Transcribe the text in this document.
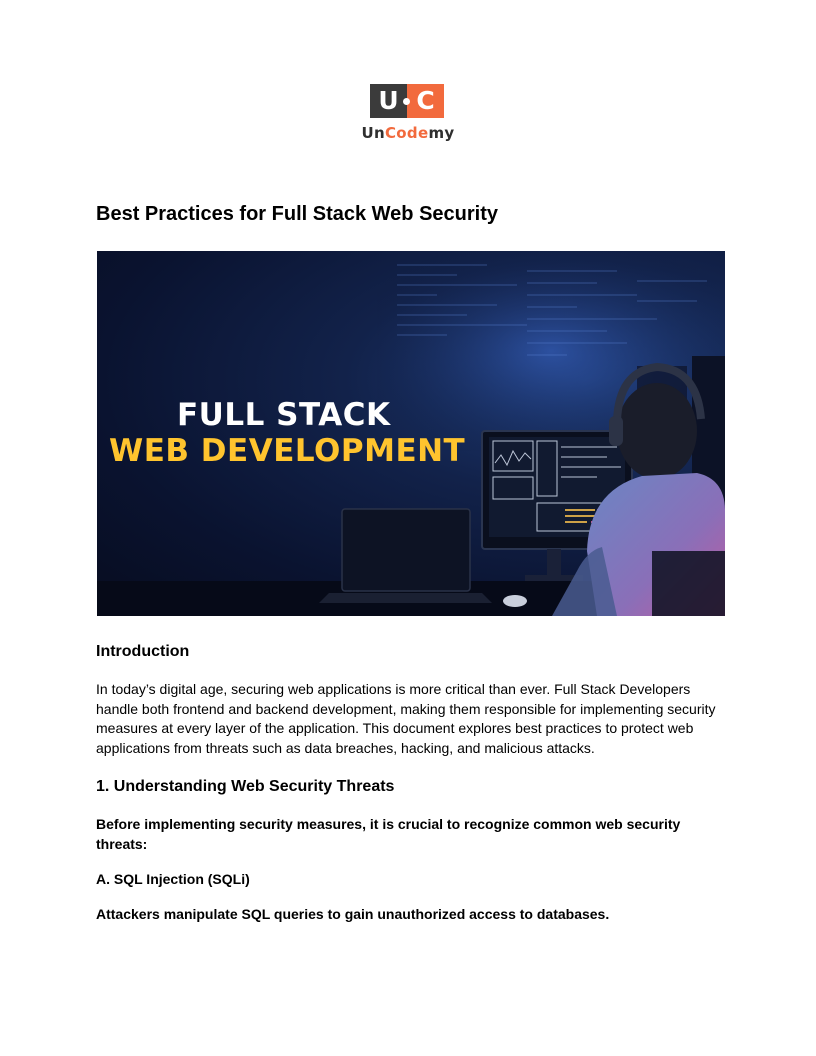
U C
UnCodemy
Best Practices for Full Stack Web Security
FULL STACK
WEB DEVELOPMENT
Introduction

In today’s digital age, securing web applications is more critical than ever. Full Stack Developers handle both frontend and backend development, making them responsible for implementing security measures at every layer of the application. This document explores best practices to protect web applications from threats such as data breaches, hacking, and malicious attacks.

1. Understanding Web Security Threats

Before implementing security measures, it is crucial to recognize common web security threats:

A. SQL Injection (SQLi)

Attackers manipulate SQL queries to gain unauthorized access to databases.
